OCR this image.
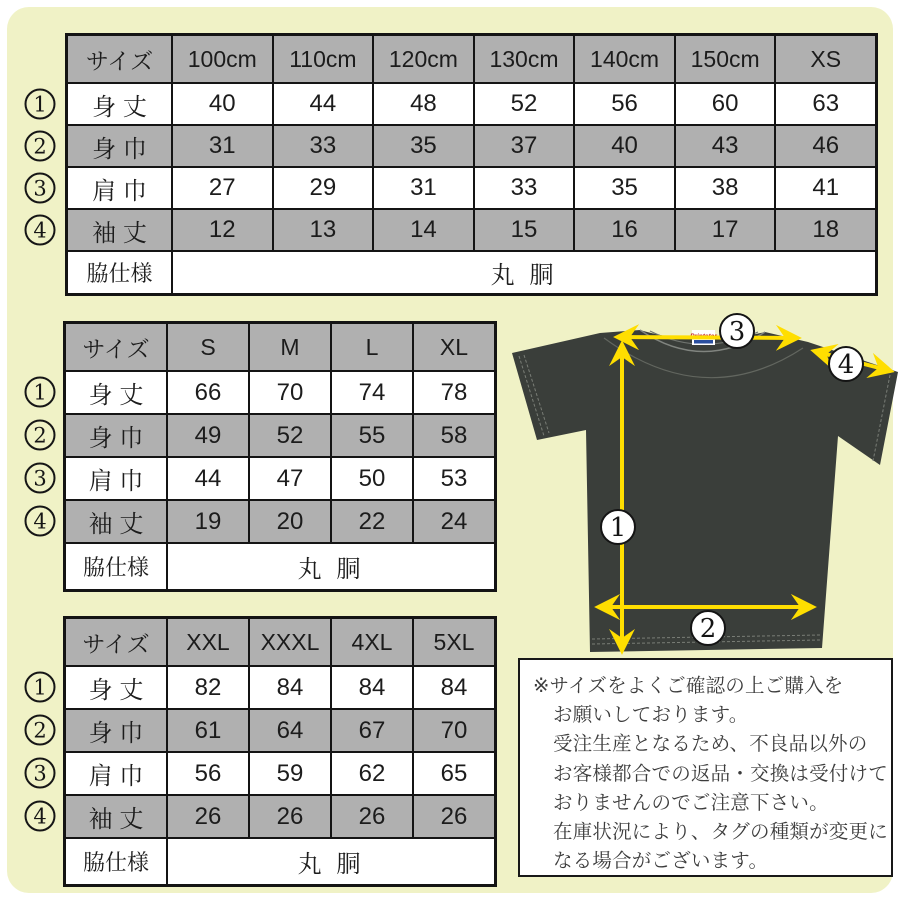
サイズ	100cm	110cm	120cm	130cm	140cm	150cm	XS
身 丈	40	44	48	52	56	60	63
身 巾	31	33	35	37	40	43	46
肩 巾	27	29	31	33	35	38	41
袖 丈	12	13	14	15	16	17	18
脇仕様	丸 胴
サイズ	S	M	L	XL
身 丈	66	70	74	78
身 巾	49	52	55	58
肩 巾	44	47	50	53
袖 丈	19	20	22	24
脇仕様	丸 胴
サイズ	XXL	XXXL	4XL	5XL
身 丈	82	84	84	84
身 巾	61	64	67	70
肩 巾	56	59	62	65
袖 丈	26	26	26	26
脇仕様	丸 胴
3
4
1
2
※サイズをよくご確認の上ご購入を
お願いしております。
受注生産となるため、不良品以外の
お客様都合での返品・交換は受付けて
おりませんのでご注意下さい。
在庫状況により、タグの種類が変更に
なる場合がございます。
1
2
3
4
1
2
3
4
1
2
3
4
